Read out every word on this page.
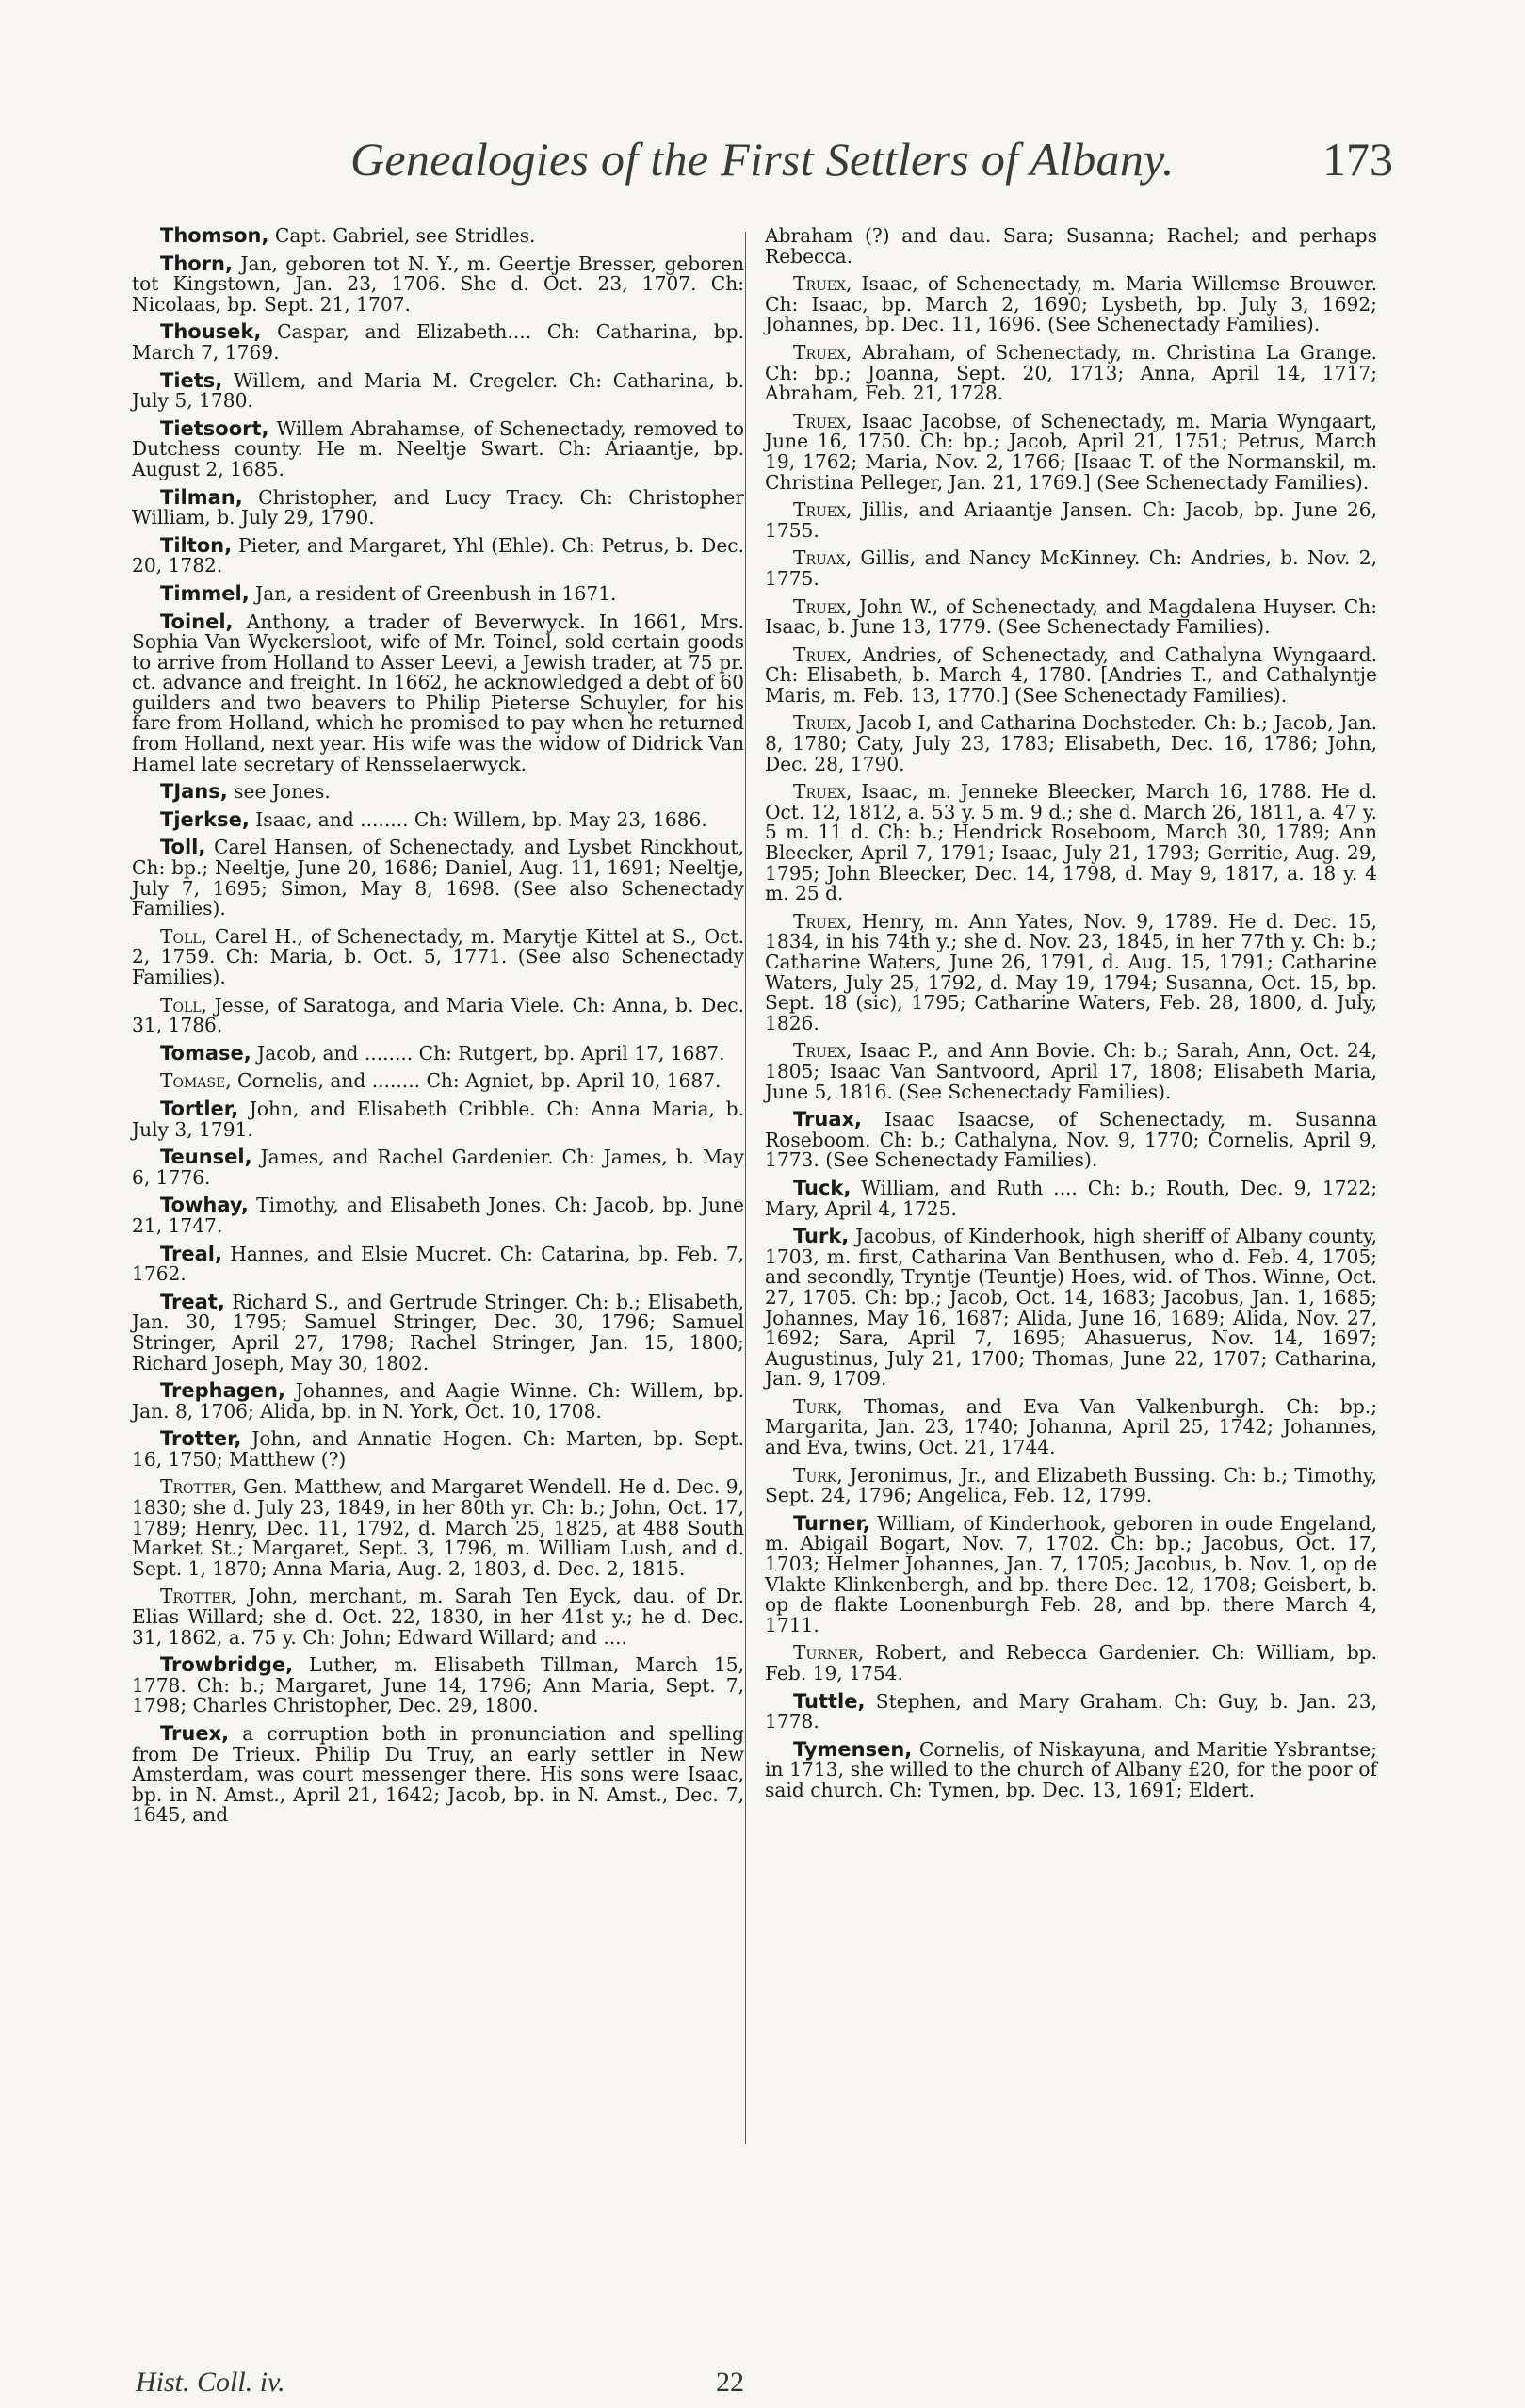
Genealogies of the First Settlers of Albany.	173

Thomson, Capt. Gabriel, see Stridles.

Thorn, Jan, geboren tot N. Y., m. Geertje Bresser, geboren tot Kingstown, Jan. 23, 1706. She d. Oct. 23, 1707. Ch: Nicolaas, bp. Sept. 21, 1707.

Thousek, Caspar, and Elizabeth.... Ch: Catharina, bp. March 7, 1769.

Tiets, Willem, and Maria M. Cregeler. Ch: Catharina, b. July 5, 1780.

Tietsoort, Willem Abrahamse, of Schenectady, removed to Dutchess county. He m. Neeltje Swart. Ch: Ariaantje, bp. August 2, 1685.

Tilman, Christopher, and Lucy Tracy. Ch: Christopher William, b. July 29, 1790.

Tilton, Pieter, and Margaret, Yhl (Ehle). Ch: Petrus, b. Dec. 20, 1782.

Timmel, Jan, a resident of Greenbush in 1671.

Toinel, Anthony, a trader of Beverwyck. In 1661, Mrs. Sophia Van Wyckersloot, wife of Mr. Toinel, sold certain goods to arrive from Holland to Asser Leevi, a Jewish trader, at 75 pr. ct. advance and freight. In 1662, he acknowledged a debt of 60 guilders and two beavers to Philip Pieterse Schuyler, for his fare from Holland, which he promised to pay when he returned from Holland, next year. His wife was the widow of Didrick Van Hamel late secretary of Rensselaerwyck.

TJans, see Jones.

Tjerkse, Isaac, and ........ Ch: Willem, bp. May 23, 1686.

Toll, Carel Hansen, of Schenectady, and Lysbet Rinckhout, Ch: bp.; Neeltje, June 20, 1686; Daniel, Aug. 11, 1691; Neeltje, July 7, 1695; Simon, May 8, 1698. (See also Schenectady Families).

Toll, Carel H., of Schenectady, m. Marytje Kittel at S., Oct. 2, 1759. Ch: Maria, b. Oct. 5, 1771. (See also Schenectady Families).

Toll, Jesse, of Saratoga, and Maria Viele. Ch: Anna, b. Dec. 31, 1786.

Tomase, Jacob, and ........ Ch: Rutgert, bp. April 17, 1687.

Tomase, Cornelis, and ........ Ch: Agniet, bp. April 10, 1687.

Tortler, John, and Elisabeth Cribble. Ch: Anna Maria, b. July 3, 1791.

Teunsel, James, and Rachel Gardenier. Ch: James, b. May 6, 1776.

Towhay, Timothy, and Elisabeth Jones. Ch: Jacob, bp. June 21, 1747.

Treal, Hannes, and Elsie Mucret. Ch: Catarina, bp. Feb. 7, 1762.

Treat, Richard S., and Gertrude Stringer. Ch: b.; Elisabeth, Jan. 30, 1795; Samuel Stringer, Dec. 30, 1796; Samuel Stringer, April 27, 1798; Rachel Stringer, Jan. 15, 1800; Richard Joseph, May 30, 1802.

Trephagen, Johannes, and Aagie Winne. Ch: Willem, bp. Jan. 8, 1706; Alida, bp. in N. York, Oct. 10, 1708.

Trotter, John, and Annatie Hogen. Ch: Marten, bp. Sept. 16, 1750; Matthew (?)

Trotter, Gen. Matthew, and Margaret Wendell. He d. Dec. 9, 1830; she d. July 23, 1849, in her 80th yr. Ch: b.; John, Oct. 17, 1789; Henry, Dec. 11, 1792, d. March 25, 1825, at 488 South Market St.; Margaret, Sept. 3, 1796, m. William Lush, and d. Sept. 1, 1870; Anna Maria, Aug. 2, 1803, d. Dec. 2, 1815.

Trotter, John, merchant, m. Sarah Ten Eyck, dau. of Dr. Elias Willard; she d. Oct. 22, 1830, in her 41st y.; he d. Dec. 31, 1862, a. 75 y. Ch: John; Edward Willard; and ....

Trowbridge, Luther, m. Elisabeth Tillman, March 15, 1778. Ch: b.; Margaret, June 14, 1796; Ann Maria, Sept. 7, 1798; Charles Christopher, Dec. 29, 1800.

Truex, a corruption both in pronunciation and spelling from De Trieux. Philip Du Truy, an early settler in New Amsterdam, was court messenger there. His sons were Isaac, bp. in N. Amst., April 21, 1642; Jacob, bp. in N. Amst., Dec. 7, 1645, and

Abraham (?) and dau. Sara; Susanna; Rachel; and perhaps Rebecca.

Truex, Isaac, of Schenectady, m. Maria Willemse Brouwer. Ch: Isaac, bp. March 2, 1690; Lysbeth, bp. July 3, 1692; Johannes, bp. Dec. 11, 1696. (See Schenectady Families).

Truex, Abraham, of Schenectady, m. Christina La Grange. Ch: bp.; Joanna, Sept. 20, 1713; Anna, April 14, 1717; Abraham, Feb. 21, 1728.

Truex, Isaac Jacobse, of Schenectady, m. Maria Wyngaart, June 16, 1750. Ch: bp.; Jacob, April 21, 1751; Petrus, March 19, 1762; Maria, Nov. 2, 1766; [Isaac T. of the Normanskil, m. Christina Pelleger, Jan. 21, 1769.] (See Schenectady Families).

Truex, Jillis, and Ariaantje Jansen. Ch: Jacob, bp. June 26, 1755.

Truax, Gillis, and Nancy McKinney. Ch: Andries, b. Nov. 2, 1775.

Truex, John W., of Schenectady, and Magdalena Huyser. Ch: Isaac, b. June 13, 1779. (See Schenectady Families).

Truex, Andries, of Schenectady, and Cathalyna Wyngaard. Ch: Elisabeth, b. March 4, 1780. [Andries T., and Cathalyntje Maris, m. Feb. 13, 1770.] (See Schenectady Families).

Truex, Jacob I, and Catharina Dochsteder. Ch: b.; Jacob, Jan. 8, 1780; Caty, July 23, 1783; Elisabeth, Dec. 16, 1786; John, Dec. 28, 1790.

Truex, Isaac, m. Jenneke Bleecker, March 16, 1788. He d. Oct. 12, 1812, a. 53 y. 5 m. 9 d.; she d. March 26, 1811, a. 47 y. 5 m. 11 d. Ch: b.; Hendrick Roseboom, March 30, 1789; Ann Bleecker, April 7, 1791; Isaac, July 21, 1793; Gerritie, Aug. 29, 1795; John Bleecker, Dec. 14, 1798, d. May 9, 1817, a. 18 y. 4 m. 25 d.

Truex, Henry, m. Ann Yates, Nov. 9, 1789. He d. Dec. 15, 1834, in his 74th y.; she d. Nov. 23, 1845, in her 77th y. Ch: b.; Catharine Waters, June 26, 1791, d. Aug. 15, 1791; Catharine Waters, July 25, 1792, d. May 19, 1794; Susanna, Oct. 15, bp. Sept. 18 (sic), 1795; Catharine Waters, Feb. 28, 1800, d. July, 1826.

Truex, Isaac P., and Ann Bovie. Ch: b.; Sarah, Ann, Oct. 24, 1805; Isaac Van Santvoord, April 17, 1808; Elisabeth Maria, June 5, 1816. (See Schenectady Families).

Truax, Isaac Isaacse, of Schenectady, m. Susanna Roseboom. Ch: b.; Cathalyna, Nov. 9, 1770; Cornelis, April 9, 1773. (See Schenectady Families).

Tuck, William, and Ruth .... Ch: b.; Routh, Dec. 9, 1722; Mary, April 4, 1725.

Turk, Jacobus, of Kinderhook, high sheriff of Albany county, 1703, m. first, Catharina Van Benthusen, who d. Feb. 4, 1705; and secondly, Tryntje (Teuntje) Hoes, wid. of Thos. Winne, Oct. 27, 1705. Ch: bp.; Jacob, Oct. 14, 1683; Jacobus, Jan. 1, 1685; Johannes, May 16, 1687; Alida, June 16, 1689; Alida, Nov. 27, 1692; Sara, April 7, 1695; Ahasuerus, Nov. 14, 1697; Augustinus, July 21, 1700; Thomas, June 22, 1707; Catharina, Jan. 9, 1709.

Turk, Thomas, and Eva Van Valkenburgh. Ch: bp.; Margarita, Jan. 23, 1740; Johanna, April 25, 1742; Johannes, and Eva, twins, Oct. 21, 1744.

Turk, Jeronimus, Jr., and Elizabeth Bussing. Ch: b.; Timothy, Sept. 24, 1796; Angelica, Feb. 12, 1799.

Turner, William, of Kinderhook, geboren in oude Engeland, m. Abigail Bogart, Nov. 7, 1702. Ch: bp.; Jacobus, Oct. 17, 1703; Helmer Johannes, Jan. 7, 1705; Jacobus, b. Nov. 1, op de Vlakte Klinkenbergh, and bp. there Dec. 12, 1708; Geisbert, b. op de flakte Loonenburgh Feb. 28, and bp. there March 4, 1711.

Turner, Robert, and Rebecca Gardenier. Ch: William, bp. Feb. 19, 1754.

Tuttle, Stephen, and Mary Graham. Ch: Guy, b. Jan. 23, 1778.

Tymensen, Cornelis, of Niskayuna, and Maritie Ysbrantse; in 1713, she willed to the church of Albany £20, for the poor of said church. Ch: Tymen, bp. Dec. 13, 1691; Eldert.

Hist. Coll. iv.	22
